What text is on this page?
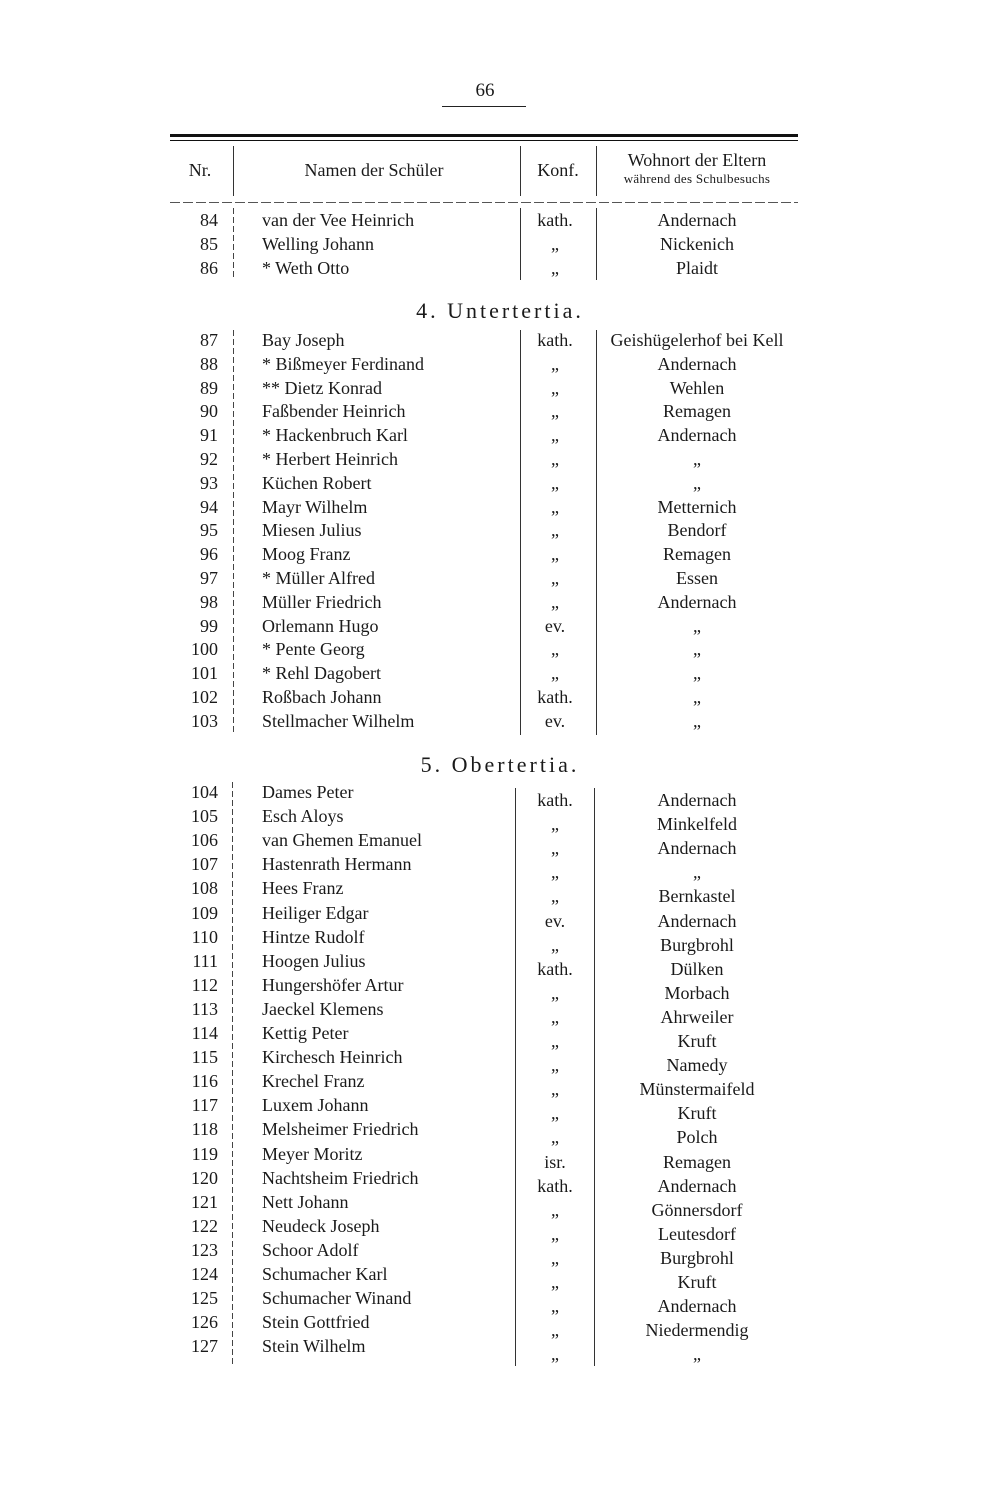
66
Nr.	Namen der Schüler	Konf.	Wohnort der Eltern
während des Schulbesuchs
4. Untertertia.
5. Obertertia.
84 van der Vee Heinrich	kath.	Andernach
85 Welling Johann	„	Nickenich
86 * Weth Otto	„	Plaidt
87 Bay Joseph	kath.	Geishügelerhof bei Kell
88 * Bißmeyer Ferdinand	„	Andernach
89 ** Dietz Konrad	„	Wehlen
90 Faßbender Heinrich	„	Remagen
91 * Hackenbruch Karl	„	Andernach
92 * Herbert Heinrich	„	„
93 Küchen Robert	„	„
94 Mayr Wilhelm	„	Metternich
95 Miesen Julius	„	Bendorf
96 Moog Franz	„	Remagen
97 * Müller Alfred	„	Essen
98 Müller Friedrich	„	Andernach
99 Orlemann Hugo	ev.	„
100 * Pente Georg	„	„
101 * Rehl Dagobert	„	„
102 Roßbach Johann	kath.	„
103 Stellmacher Wilhelm	ev.	„
104 Dames Peter	kath.	Andernach
105 Esch Aloys	„	Minkelfeld
106 van Ghemen Emanuel	„	Andernach
107 Hastenrath Hermann	„	„
108 Hees Franz	„	Bernkastel
109 Heiliger Edgar	ev.	Andernach
110 Hintze Rudolf	„	Burgbrohl
111 Hoogen Julius	kath.	Dülken
112 Hungershöfer Artur	„	Morbach
113 Jaeckel Klemens	„	Ahrweiler
114 Kettig Peter	„	Kruft
115 Kirchesch Heinrich	„	Namedy
116 Krechel Franz	„	Münstermaifeld
117 Luxem Johann	„	Kruft
118 Melsheimer Friedrich	„	Polch
119 Meyer Moritz	isr.	Remagen
120 Nachtsheim Friedrich	kath.	Andernach
121 Nett Johann	„	Gönnersdorf
122 Neudeck Joseph	„	Leutesdorf
123 Schoor Adolf	„	Burgbrohl
124 Schumacher Karl	„	Kruft
125 Schumacher Winand	„	Andernach
126 Stein Gottfried	„	Niedermendig
127 Stein Wilhelm	„	„
